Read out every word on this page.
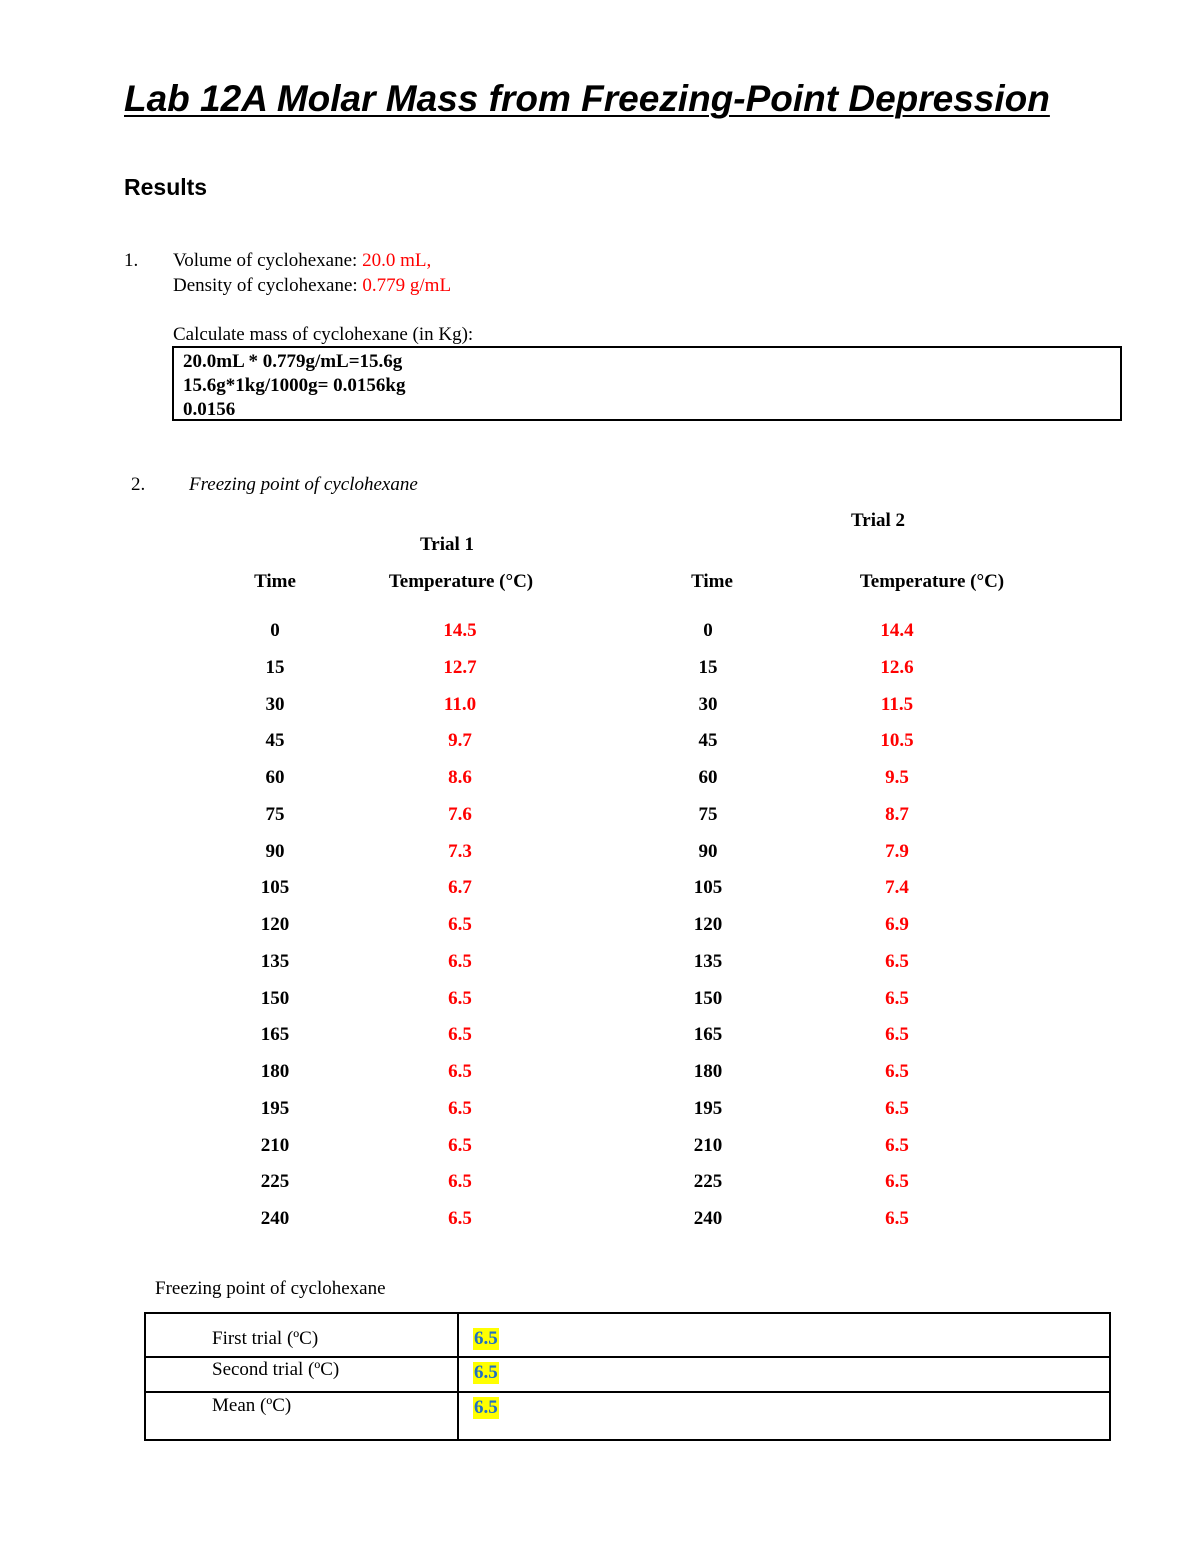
Lab 12A Molar Mass from Freezing-Point Depression
Results
1. Volume of cyclohexane: 20.0 mL,
Density of cyclohexane: 0.779 g/mL
Calculate mass of cyclohexane (in Kg):
20.0mL * 0.779g/mL=15.6g
15.6g*1kg/1000g= 0.0156kg
0.0156
2. Freezing point of cyclohexane
Trial 2
Trial 1
Time	Temperature (°C)	Time	Temperature (°C)
0	14.5	0	14.4
15	12.7	15	12.6
30	11.0	30	11.5
45	9.7	45	10.5
60	8.6	60	9.5
75	7.6	75	8.7
90	7.3	90	7.9
105	6.7	105	7.4
120	6.5	120	6.9
135	6.5	135	6.5
150	6.5	150	6.5
165	6.5	165	6.5
180	6.5	180	6.5
195	6.5	195	6.5
210	6.5	210	6.5
225	6.5	225	6.5
240	6.5	240	6.5
Freezing point of cyclohexane
First trial (ºC)	6.5
Second trial (ºC)	6.5
Mean (ºC)	6.5
